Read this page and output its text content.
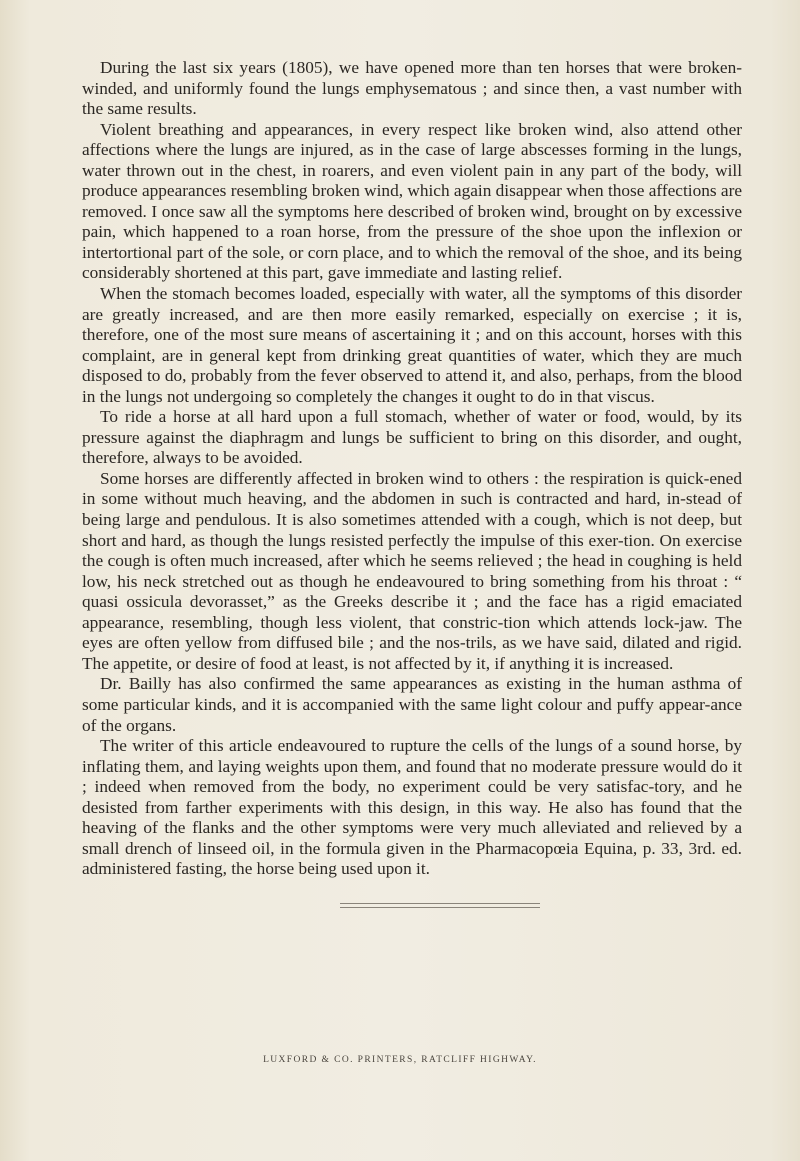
During the last six years (1805), we have opened more than ten horses that were broken-winded, and uniformly found the lungs emphysematous ; and since then, a vast number with the same results.

Violent breathing and appearances, in every respect like broken wind, also attend other affections where the lungs are injured, as in the case of large abscesses forming in the lungs, water thrown out in the chest, in roarers, and even violent pain in any part of the body, will produce appearances resembling broken wind, which again disappear when those affections are removed. I once saw all the symptoms here described of broken wind, brought on by excessive pain, which happened to a roan horse, from the pressure of the shoe upon the inflexion or intertortional part of the sole, or corn place, and to which the removal of the shoe, and its being considerably shortened at this part, gave immediate and lasting relief.

When the stomach becomes loaded, especially with water, all the symptoms of this disorder are greatly increased, and are then more easily remarked, especially on exercise ; it is, therefore, one of the most sure means of ascertaining it ; and on this account, horses with this complaint, are in general kept from drinking great quantities of water, which they are much disposed to do, probably from the fever observed to attend it, and also, perhaps, from the blood in the lungs not undergoing so completely the changes it ought to do in that viscus.

To ride a horse at all hard upon a full stomach, whether of water or food, would, by its pressure against the diaphragm and lungs be sufficient to bring on this disorder, and ought, therefore, always to be avoided.

Some horses are differently affected in broken wind to others : the respiration is quick-ened in some without much heaving, and the abdomen in such is contracted and hard, in-stead of being large and pendulous. It is also sometimes attended with a cough, which is not deep, but short and hard, as though the lungs resisted perfectly the impulse of this exer-tion. On exercise the cough is often much increased, after which he seems relieved ; the head in coughing is held low, his neck stretched out as though he endeavoured to bring something from his throat : “ quasi ossicula devorasset,” as the Greeks describe it ; and the face has a rigid emaciated appearance, resembling, though less violent, that constric-tion which attends lock-jaw. The eyes are often yellow from diffused bile ; and the nos-trils, as we have said, dilated and rigid. The appetite, or desire of food at least, is not affected by it, if anything it is increased.

Dr. Bailly has also confirmed the same appearances as existing in the human asthma of some particular kinds, and it is accompanied with the same light colour and puffy appear-ance of the organs.

The writer of this article endeavoured to rupture the cells of the lungs of a sound horse, by inflating them, and laying weights upon them, and found that no moderate pressure would do it ; indeed when removed from the body, no experiment could be very satisfac-tory, and he desisted from farther experiments with this design, in this way. He also has found that the heaving of the flanks and the other symptoms were very much alleviated and relieved by a small drench of linseed oil, in the formula given in the Pharmacopœia Equina, p. 33, 3rd. ed. administered fasting, the horse being used upon it.

LUXFORD & CO. PRINTERS, RATCLIFF HIGHWAY.
